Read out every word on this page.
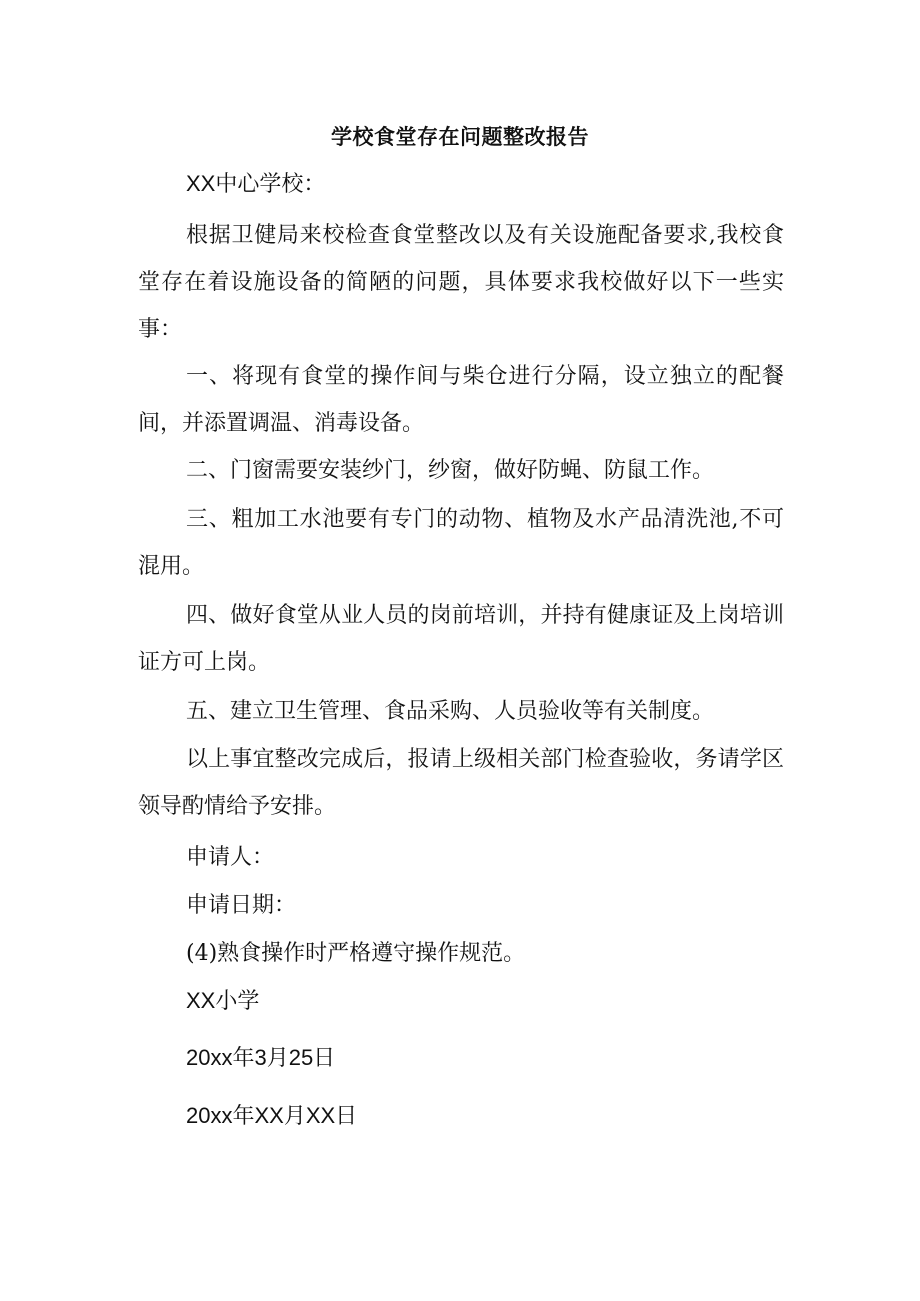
学校食堂存在问题整改报告
XX中心学校：

根据卫健局来校检查食堂整改以及有关设施配备要求,我校食堂存在着设施设备的简陋的问题，具体要求我校做好以下一些实事：

一、将现有食堂的操作间与柴仓进行分隔，设立独立的配餐间，并添置调温、消毒设备。

二、门窗需要安装纱门，纱窗，做好防蝇、防鼠工作。

三、粗加工水池要有专门的动物、植物及水产品清洗池,不可混用。

四、做好食堂从业人员的岗前培训，并持有健康证及上岗培训证方可上岗。

五、建立卫生管理、食品采购、人员验收等有关制度。

以上事宜整改完成后，报请上级相关部门检查验收，务请学区领导酌情给予安排。

申请人：
申请日期：
(4)熟食操作时严格遵守操作规范。
XX小学
20xx年3月25日
20xx年XX月XX日
